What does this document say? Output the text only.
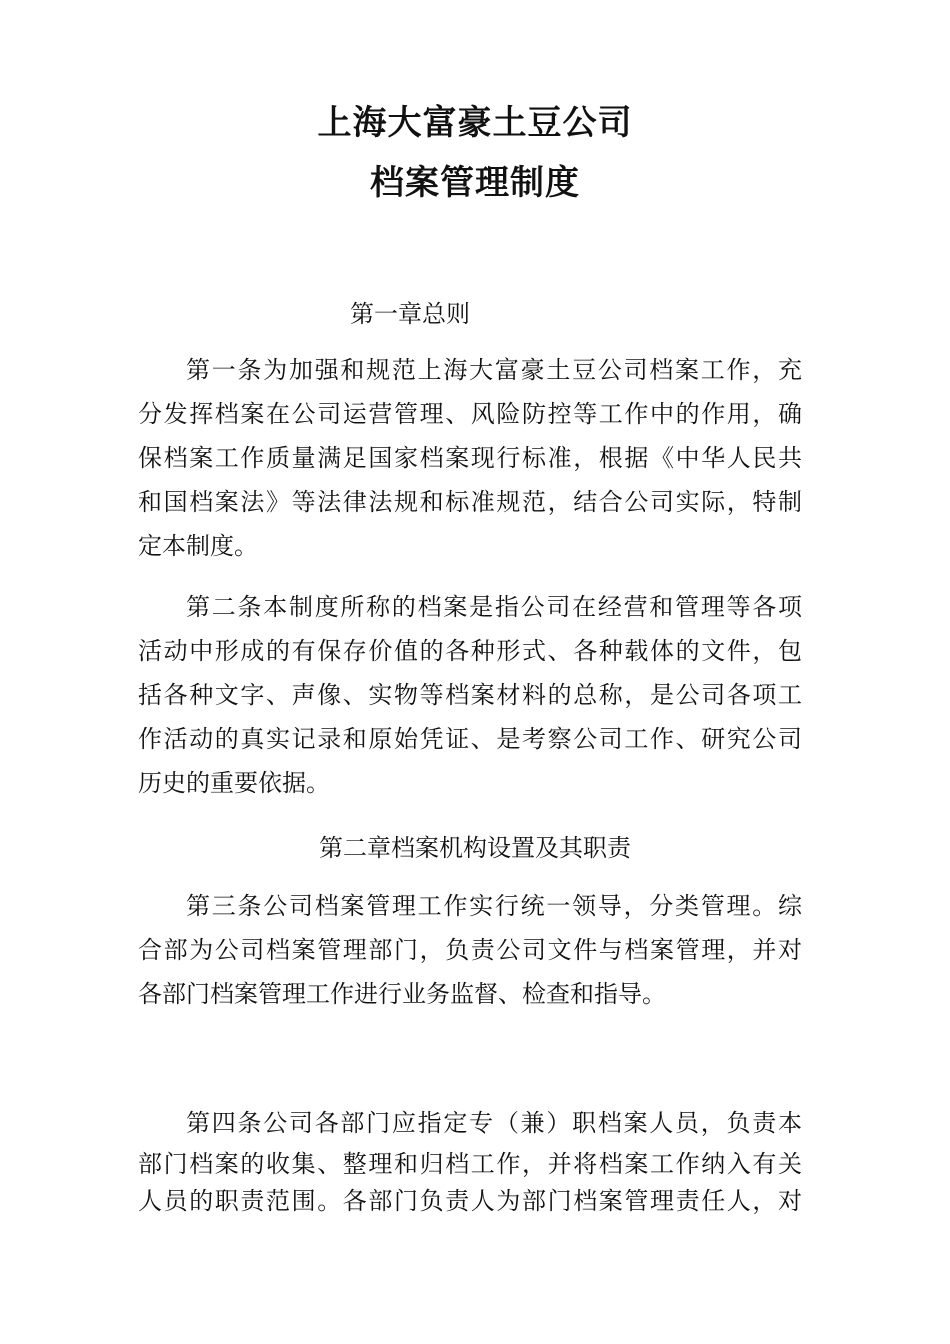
上海大富豪土豆公司
档案管理制度
第一章总则
第一条为加强和规范上海大富豪土豆公司档案工作，充
分发挥档案在公司运营管理、风险防控等工作中的作用，确
保档案工作质量满足国家档案现行标准，根据《中华人民共
和国档案法》等法律法规和标准规范，结合公司实际，特制
定本制度。
第二条本制度所称的档案是指公司在经营和管理等各项
活动中形成的有保存价值的各种形式、各种载体的文件，包
括各种文字、声像、实物等档案材料的总称，是公司各项工
作活动的真实记录和原始凭证、是考察公司工作、研究公司
历史的重要依据。
第二章档案机构设置及其职责
第三条公司档案管理工作实行统一领导，分类管理。综
合部为公司档案管理部门，负责公司文件与档案管理，并对
各部门档案管理工作进行业务监督、检查和指导。
第四条公司各部门应指定专（兼）职档案人员，负责本
部门档案的收集、整理和归档工作，并将档案工作纳入有关
人员的职责范围。各部门负责人为部门档案管理责任人，对
